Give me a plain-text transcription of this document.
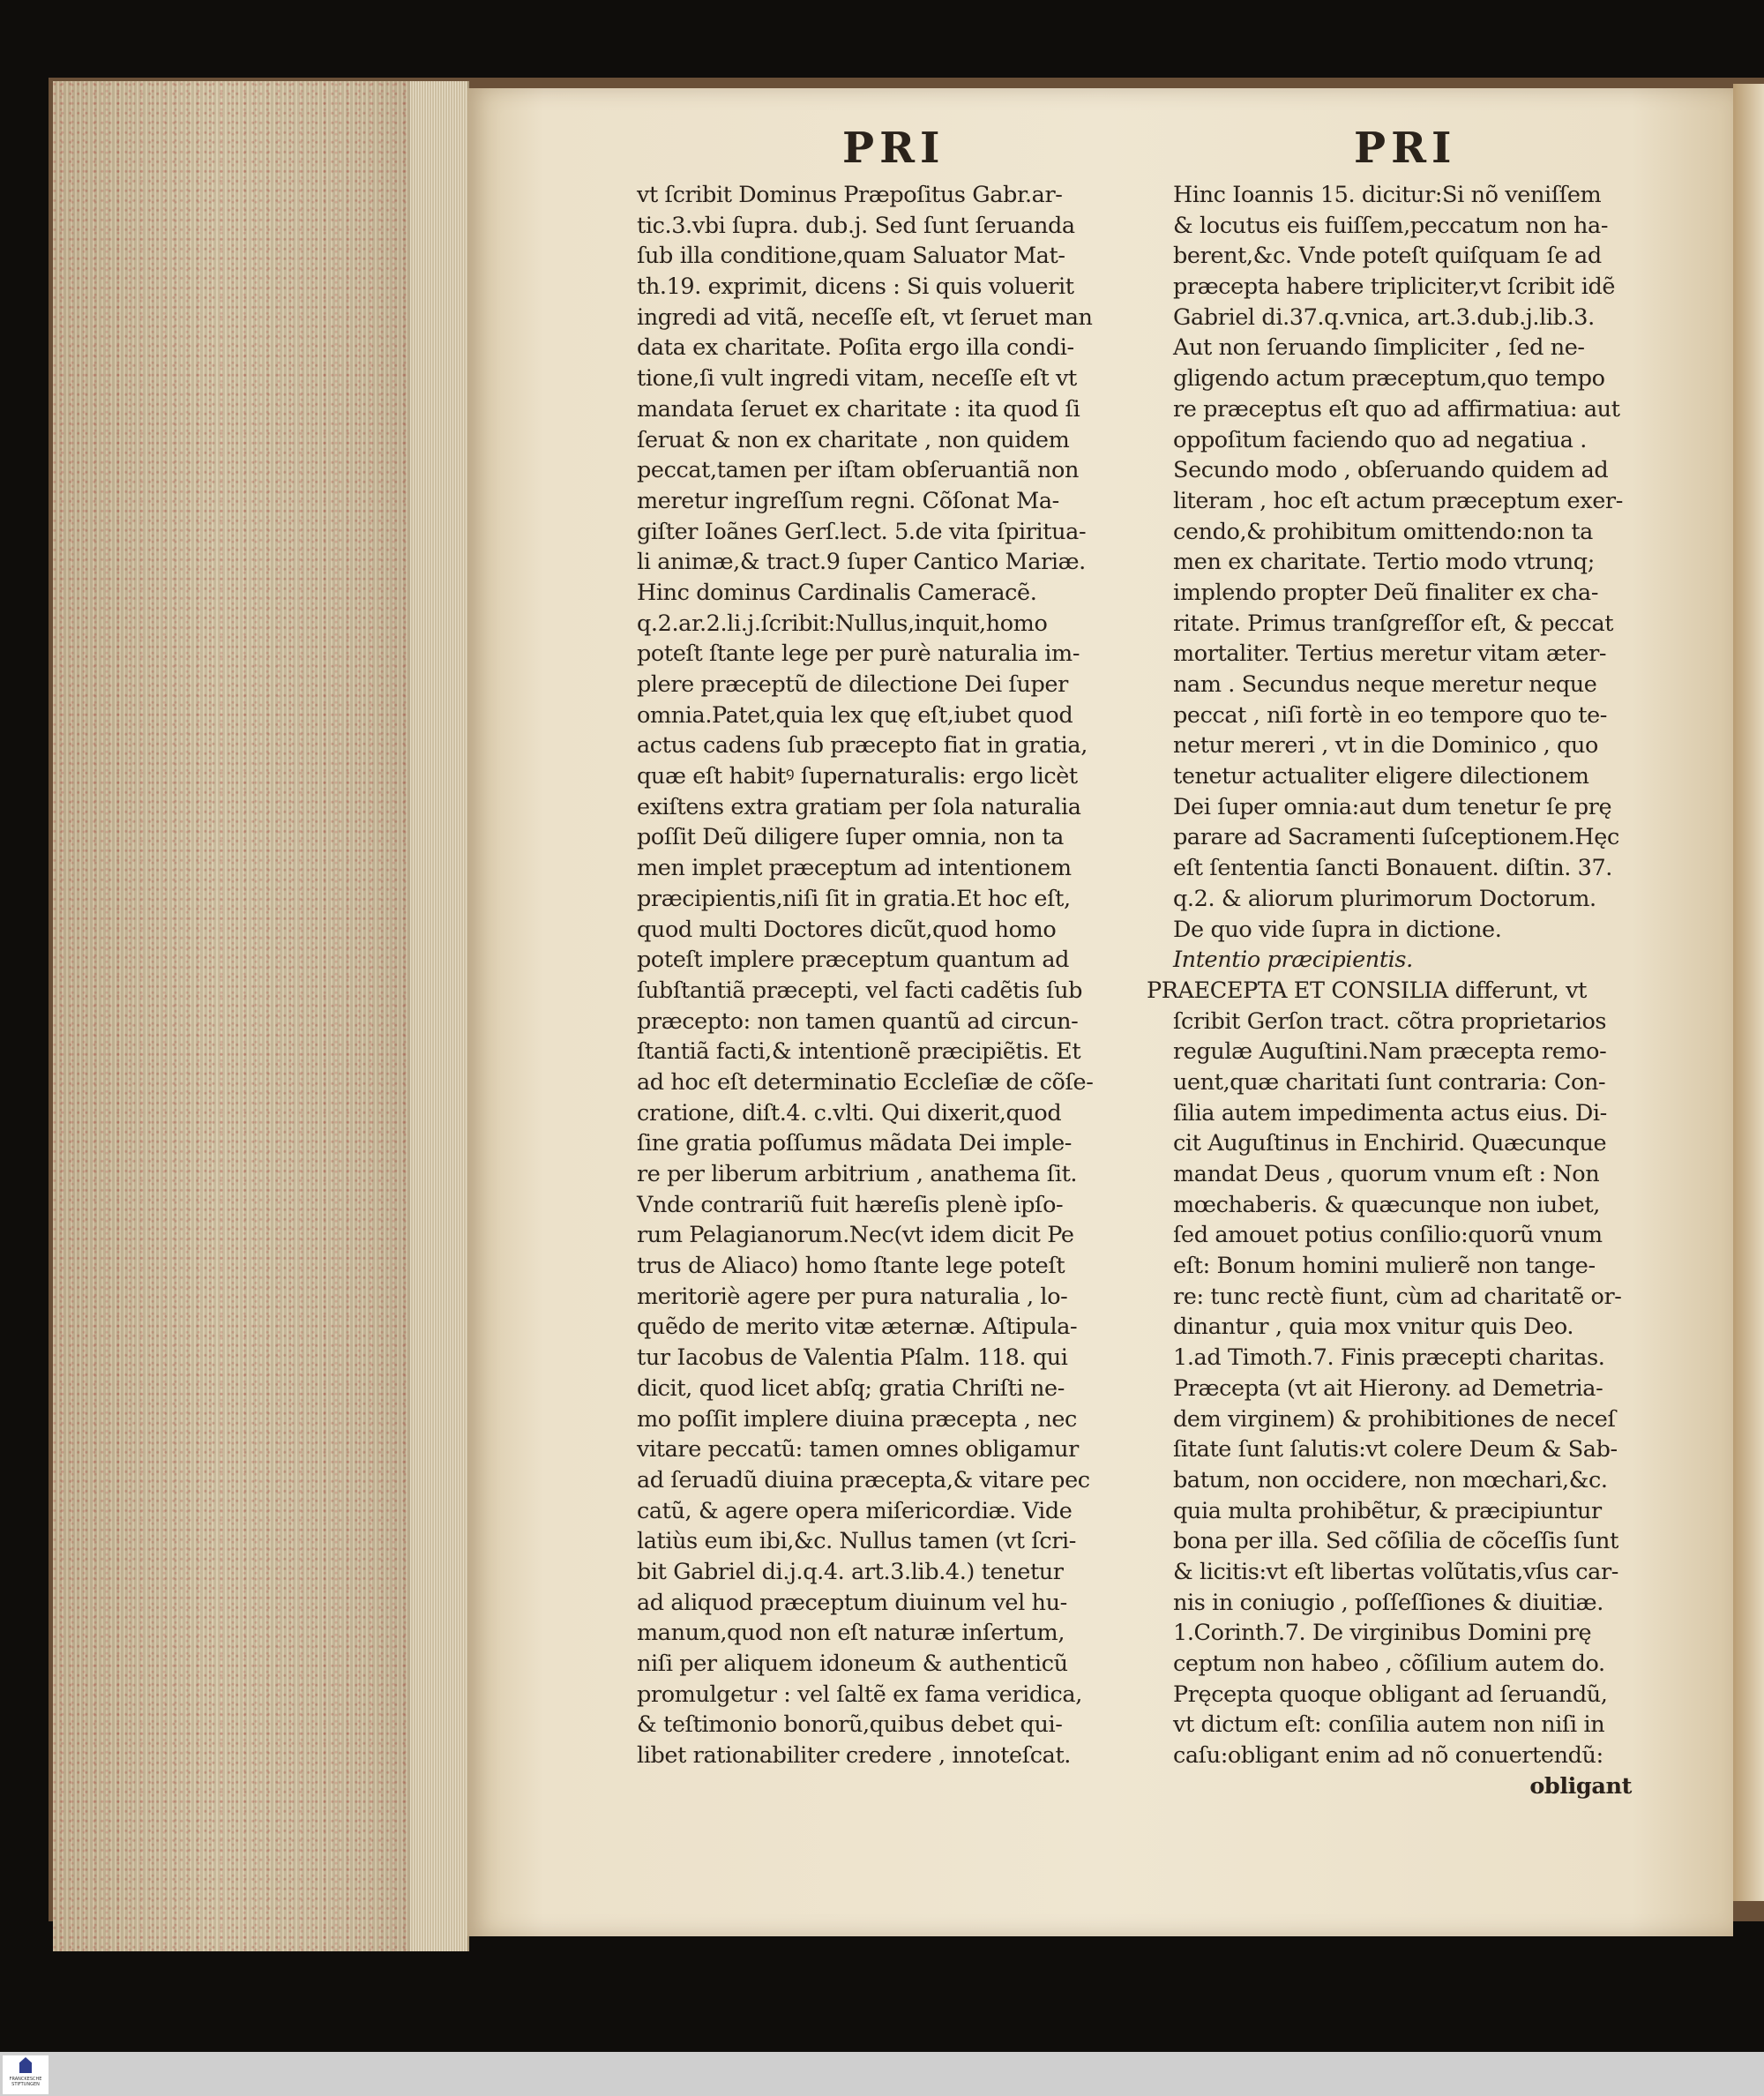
PRI	PRI
vt ſcribit Dominus Præpoſitus Gabr.ar-
tic.3.vbi ſupra. dub.j. Sed ſunt ſeruanda
ſub illa conditione,quam Saluator Mat-
th.19. exprimit, dicens : Si quis voluerit
ingredi ad vitã, neceſſe eſt, vt ſeruet man
data ex charitate. Poſita ergo illa condi-
tione,ſi vult ingredi vitam, neceſſe eſt vt
mandata ſeruet ex charitate : ita quod ſi
ſeruat & non ex charitate , non quidem
peccat,tamen per iſtam obſeruantiã non
meretur ingreſſum regni. Cõſonat Ma-
giſter Ioãnes Gerſ.lect. 5.de vita ſpiritua-
li animæ,& tract.9 ſuper Cantico Mariæ.
Hinc dominus Cardinalis Cameracẽ.
q.2.ar.2.li.j.ſcribit:Nullus,inquit,homo
poteſt ſtante lege per purè naturalia im-
plere præceptũ de dilectione Dei ſuper
omnia.Patet,quia lex quę eſt,iubet quod
actus cadens ſub præcepto fiat in gratia,
quæ eſt habitꝰ ſupernaturalis: ergo licèt
exiſtens extra gratiam per ſola naturalia
poſſit Deũ diligere ſuper omnia, non ta
men implet præceptum ad intentionem
præcipientis,niſi ſit in gratia.Et hoc eſt,
quod multi Doctores dicũt,quod homo
poteſt implere præceptum quantum ad
ſubſtantiã præcepti, vel facti cadẽtis ſub
præcepto: non tamen quantũ ad circun-
ſtantiã facti,& intentionẽ præcipiẽtis. Et
ad hoc eſt determinatio Eccleſiæ de cõſe-
cratione, diſt.4. c.vlti. Qui dixerit,quod
ſine gratia poſſumus mãdata Dei imple-
re per liberum arbitrium , anathema ſit.
Vnde contrariũ fuit hæreſis plenè ipſo-
rum Pelagianorum.Nec(vt idem dicit Pe
trus de Aliaco) homo ſtante lege poteſt
meritoriè agere per pura naturalia , lo-
quẽdo de merito vitæ æternæ. Aſtipula-
tur Iacobus de Valentia Pſalm. 118. qui
dicit, quod licet abſq; gratia Chriſti ne-
mo poſſit implere diuina præcepta , nec
vitare peccatũ: tamen omnes obligamur
ad ſeruadũ diuina præcepta,& vitare pec
catũ, & agere opera miſericordiæ. Vide
latiùs eum ibi,&c. Nullus tamen (vt ſcri-
bit Gabriel di.j.q.4. art.3.lib.4.) tenetur
ad aliquod præceptum diuinum vel hu-
manum,quod non eſt naturæ inſertum,
niſi per aliquem idoneum & authenticũ
promulgetur : vel ſaltẽ ex fama veridica,
& teſtimonio bonorũ,quibus debet qui-
libet rationabiliter credere , innoteſcat.
Hinc Ioannis 15. dicitur:Si nõ veniſſem
& locutus eis fuiſſem,peccatum non ha-
berent,&c. Vnde poteſt quiſquam ſe ad
præcepta habere tripliciter,vt ſcribit idẽ
Gabriel di.37.q.vnica, art.3.dub.j.lib.3.
Aut non ſeruando ſimpliciter , ſed ne-
gligendo actum præceptum,quo tempo
re præceptus eſt quo ad affirmatiua: aut
oppoſitum faciendo quo ad negatiua .
Secundo modo , obſeruando quidem ad
literam , hoc eſt actum præceptum exer-
cendo,& prohibitum omittendo:non ta
men ex charitate. Tertio modo vtrunq;
implendo propter Deũ finaliter ex cha-
ritate. Primus tranſgreſſor eſt, & peccat
mortaliter. Tertius meretur vitam æter-
nam . Secundus neque meretur neque
peccat , niſi fortè in eo tempore quo te-
netur mereri , vt in die Dominico , quo
tenetur actualiter eligere dilectionem
Dei ſuper omnia:aut dum tenetur ſe prę
parare ad Sacramenti ſuſceptionem.Hęc
eſt ſententia ſancti Bonauent. diſtin. 37.
q.2. & aliorum plurimorum Doctorum.
De quo vide ſupra in dictione.
Intentio præcipientis.
PRAECEPTA ET CONSILIA differunt, vt
ſcribit Gerſon tract. cõtra proprietarios
regulæ Auguſtini.Nam præcepta remo-
uent,quæ charitati ſunt contraria: Con-
ſilia autem impedimenta actus eius. Di-
cit Auguſtinus in Enchirid. Quæcunque
mandat Deus , quorum vnum eſt : Non
mœchaberis. & quæcunque non iubet,
ſed amouet potius conſilio:quorũ vnum
eſt: Bonum homini mulierẽ non tange-
re: tunc rectè fiunt, cùm ad charitatẽ or-
dinantur , quia mox vnitur quis Deo.
1.ad Timoth.7. Finis præcepti charitas.
Præcepta (vt ait Hierony. ad Demetria-
dem virginem) & prohibitiones de neceſ
ſitate ſunt ſalutis:vt colere Deum & Sab-
batum, non occidere, non mœchari,&c.
quia multa prohibẽtur, & præcipiuntur
bona per illa. Sed cõſilia de cõceſſis ſunt
& licitis:vt eſt libertas volũtatis,vſus car-
nis in coniugio , poſſeſſiones & diuitiæ.
1.Corinth.7. De virginibus Domini prę
ceptum non habeo , cõſilium autem do.
Pręcepta quoque obligant ad ſeruandũ,
vt dictum eſt: conſilia autem non niſi in
caſu:obligant enim ad nõ conuertendũ:
obligant
FRANCKESCHE
STIFTUNGEN
